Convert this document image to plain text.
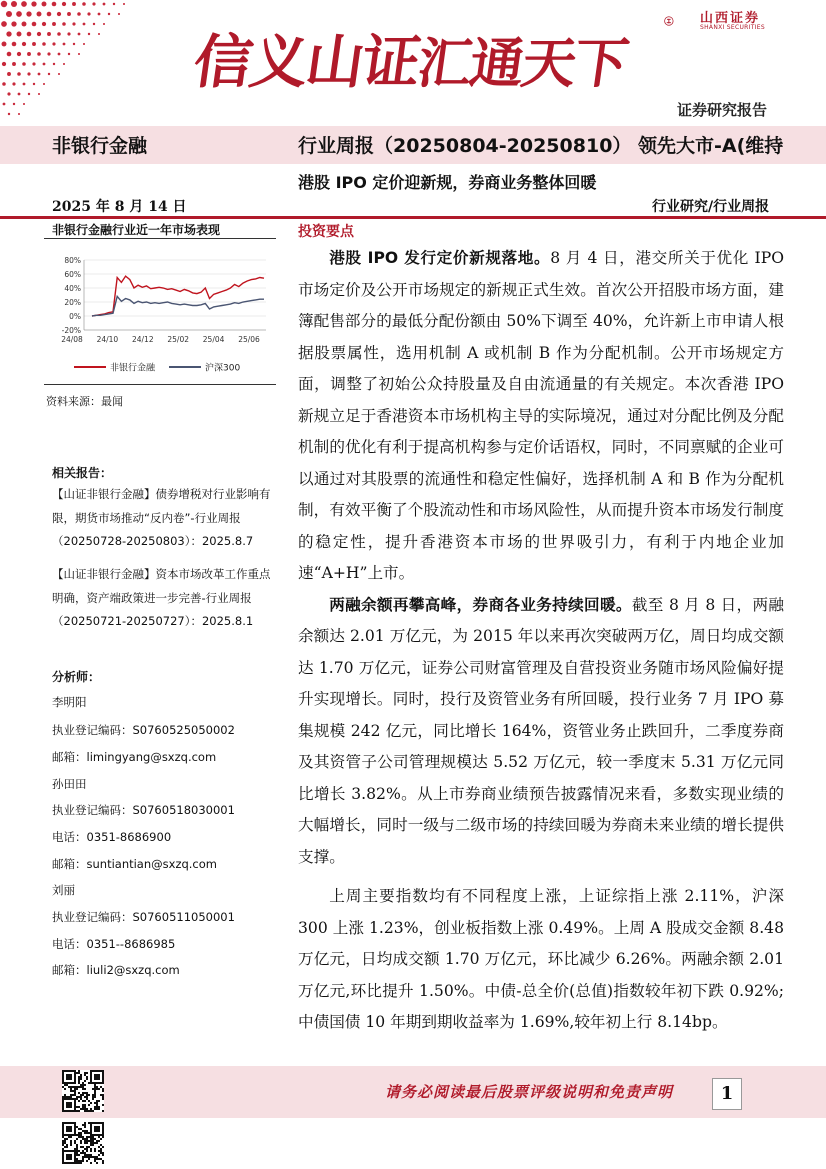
信义山证汇通天下
山西证券
SHANXI SECURITIES
证券研究报告
非银行金融	行业周报（20250804-20250810） 领先大市-A(维持
港股 IPO 定价迎新规，券商业务整体回暖
2025 年 8 月 14 日	行业研究/行业周报
非银行金融行业近一年市场表现
-20%
0%
20%
40%
60%
80%
24/08 24/10 24/12 25/02 25/04 25/06
非银行金融	沪深300
资料来源：最闻
相关报告：
【山证非银行金融】债券增税对行业影响有限，期货市场推动“反内卷”-行业周报（20250728-20250803）：2025.8.7
【山证非银行金融】资本市场改革工作重点明确，资产端政策进一步完善-行业周报（20250721-20250727）：2025.8.1
分析师：
李明阳
执业登记编码：S0760525050002
邮箱：limingyang@sxzq.com
孙田田
执业登记编码：S0760518030001
电话：0351-8686900
邮箱：suntiantian@sxzq.com
刘丽
执业登记编码：S0760511050001
电话：0351--8686985
邮箱：liuli2@sxzq.com
投资要点

港股 IPO 发行定价新规落地。8 月 4 日，港交所关于优化 IPO 市场定价及公开市场规定的新规正式生效。首次公开招股市场方面，建簿配售部分的最低分配份额由 50%下调至 40%，允许新上市申请人根据股票属性，选用机制 A 或机制 B 作为分配机制。公开市场规定方面，调整了初始公众持股量及自由流通量的有关规定。本次香港 IPO 新规立足于香港资本市场机构主导的实际境况，通过对分配比例及分配机制的优化有利于提高机构参与定价话语权，同时，不同禀赋的企业可以通过对其股票的流通性和稳定性偏好，选择机制 A 和 B 作为分配机制，有效平衡了个股流动性和市场风险性，从而提升资本市场发行制度的稳定性，提升香港资本市场的世界吸引力，有利于内地企业加速“A+H”上市。

两融余额再攀高峰，券商各业务持续回暖。截至 8 月 8 日，两融余额达 2.01 万亿元，为 2015 年以来再次突破两万亿，周日均成交额达 1.70 万亿元，证券公司财富管理及自营投资业务随市场风险偏好提升实现增长。同时，投行及资管业务有所回暖，投行业务 7 月 IPO 募集规模 242 亿元，同比增长 164%，资管业务止跌回升，二季度券商及其资管子公司管理规模达 5.52 万亿元，较一季度末 5.31 万亿元同比增长 3.82%。从上市券商业绩预告披露情况来看，多数实现业绩的大幅增长，同时一级与二级市场的持续回暖为券商未来业绩的增长提供支撑。

上周主要指数均有不同程度上涨，上证综指上涨 2.11%，沪深 300 上涨 1.23%，创业板指数上涨 0.49%。上周 A 股成交金额 8.48 万亿元，日均成交额 1.70 万亿元，环比减少 6.26%。两融余额 2.01 万亿元,环比提升 1.50%。中债-总全价(总值)指数较年初下跌 0.92%;中债国债 10 年期到期收益率为 1.69%,较年初上行 8.14bp。

请务必阅读最后股票评级说明和免责声明	1
